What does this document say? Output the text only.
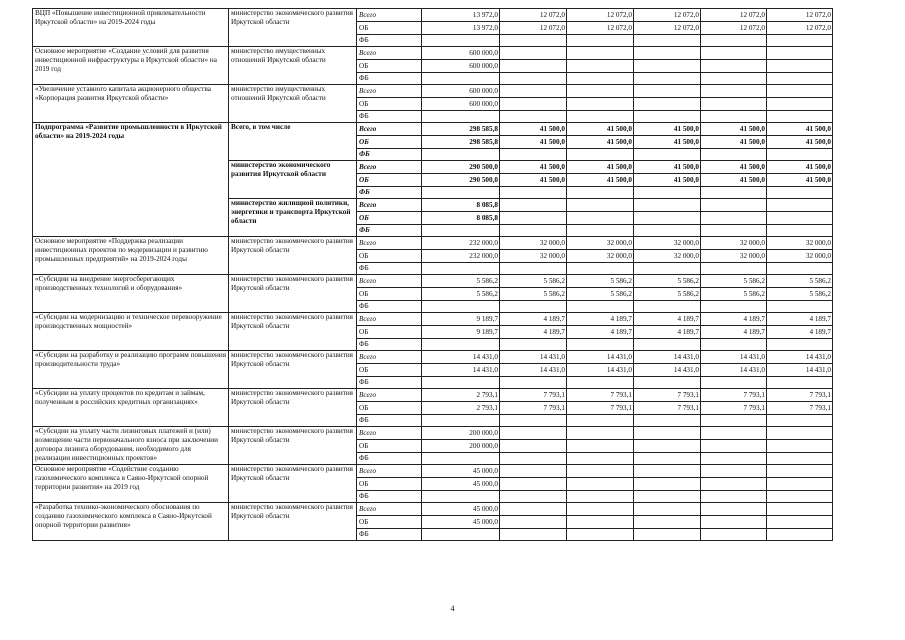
ВЦП «Повышение инвестиционной привлекательности Иркутской области» на 2019-2024 годы	министерство экономического развития Иркутской области	Всего	13 972,0	12 072,0	12 072,0	12 072,0	12 072,0	12 072,0
		ОБ	13 972,0	12 072,0	12 072,0	12 072,0	12 072,0	12 072,0
		ФБ						
Основное мероприятие «Создание условий для развития инвестиционной инфраструктуры в Иркутской области» на 2019 год	министерство имущественных отношений Иркутской области	Всего	600 000,0					
		ОБ	600 000,0					
		ФБ						
«Увеличение уставного капитала акционерного общества «Корпорация развития Иркутской области»	министерство имущественных отношений Иркутской области	Всего	600 000,0					
		ОБ	600 000,0					
		ФБ						
Подпрограмма «Развитие промышленности в Иркутской области» на 2019-2024 годы	Всего, в том числе	Всего	298 585,8	41 500,0	41 500,0	41 500,0	41 500,0	41 500,0
		ОБ	298 585,8	41 500,0	41 500,0	41 500,0	41 500,0	41 500,0
		ФБ						
	министерство экономического развития Иркутской области	Всего	290 500,0	41 500,0	41 500,0	41 500,0	41 500,0	41 500,0
		ОБ	290 500,0	41 500,0	41 500,0	41 500,0	41 500,0	41 500,0
		ФБ						
	министерство жилищной политики, энергетики и транспорта Иркутской области	Всего	8 085,8					
		ОБ	8 085,8					
		ФБ						
Основное мероприятие «Поддержка реализации инвестиционных проектов по модернизации и развитию промышленных предприятий» на 2019-2024 годы	министерство экономического развития Иркутской области	Всего	232 000,0	32 000,0	32 000,0	32 000,0	32 000,0	32 000,0
		ОБ	232 000,0	32 000,0	32 000,0	32 000,0	32 000,0	32 000,0
		ФБ						
«Субсидии на внедрение энергосберегающих производственных технологий и оборудования»	министерство экономического развития Иркутской области	Всего	5 586,2	5 586,2	5 586,2	5 586,2	5 586,2	5 586,2
		ОБ	5 586,2	5 586,2	5 586,2	5 586,2	5 586,2	5 586,2
		ФБ						
«Субсидии на модернизацию и техническое перевооружение производственных мощностей»	министерство экономического развития Иркутской области	Всего	9 189,7	4 189,7	4 189,7	4 189,7	4 189,7	4 189,7
		ОБ	9 189,7	4 189,7	4 189,7	4 189,7	4 189,7	4 189,7
		ФБ						
«Субсидии на разработку и реализацию программ повышения производительности труда»	министерство экономического развития Иркутской области	Всего	14 431,0	14 431,0	14 431,0	14 431,0	14 431,0	14 431,0
		ОБ	14 431,0	14 431,0	14 431,0	14 431,0	14 431,0	14 431,0
		ФБ						
«Субсидии на уплату процентов по кредитам и займам, полученным в российских кредитных организациях»	министерство экономического развития Иркутской области	Всего	2 793,1	7 793,1	7 793,1	7 793,1	7 793,1	7 793,1
		ОБ	2 793,1	7 793,1	7 793,1	7 793,1	7 793,1	7 793,1
		ФБ						
«Субсидии на уплату части лизинговых платежей и (или) возмещение части первоначального взноса при заключении договора лизинга оборудования, необходимого для реализации инвестиционных проектов»	министерство экономического развития Иркутской области	Всего	200 000,0					
		ОБ	200 000,0					
		ФБ						
Основное мероприятие «Содействие созданию газохимического комплекса в Саяно-Иркутской опорной территории развития» на 2019 год	министерство экономического развития Иркутской области	Всего	45 000,0					
		ОБ	45 000,0					
		ФБ						
«Разработка технико-экономического обоснования по созданию газохимического комплекса в Саяно-Иркутской опорной территории развития»	министерство экономического развития Иркутской области	Всего	45 000,0					
		ОБ	45 000,0					
		ФБ						
4
